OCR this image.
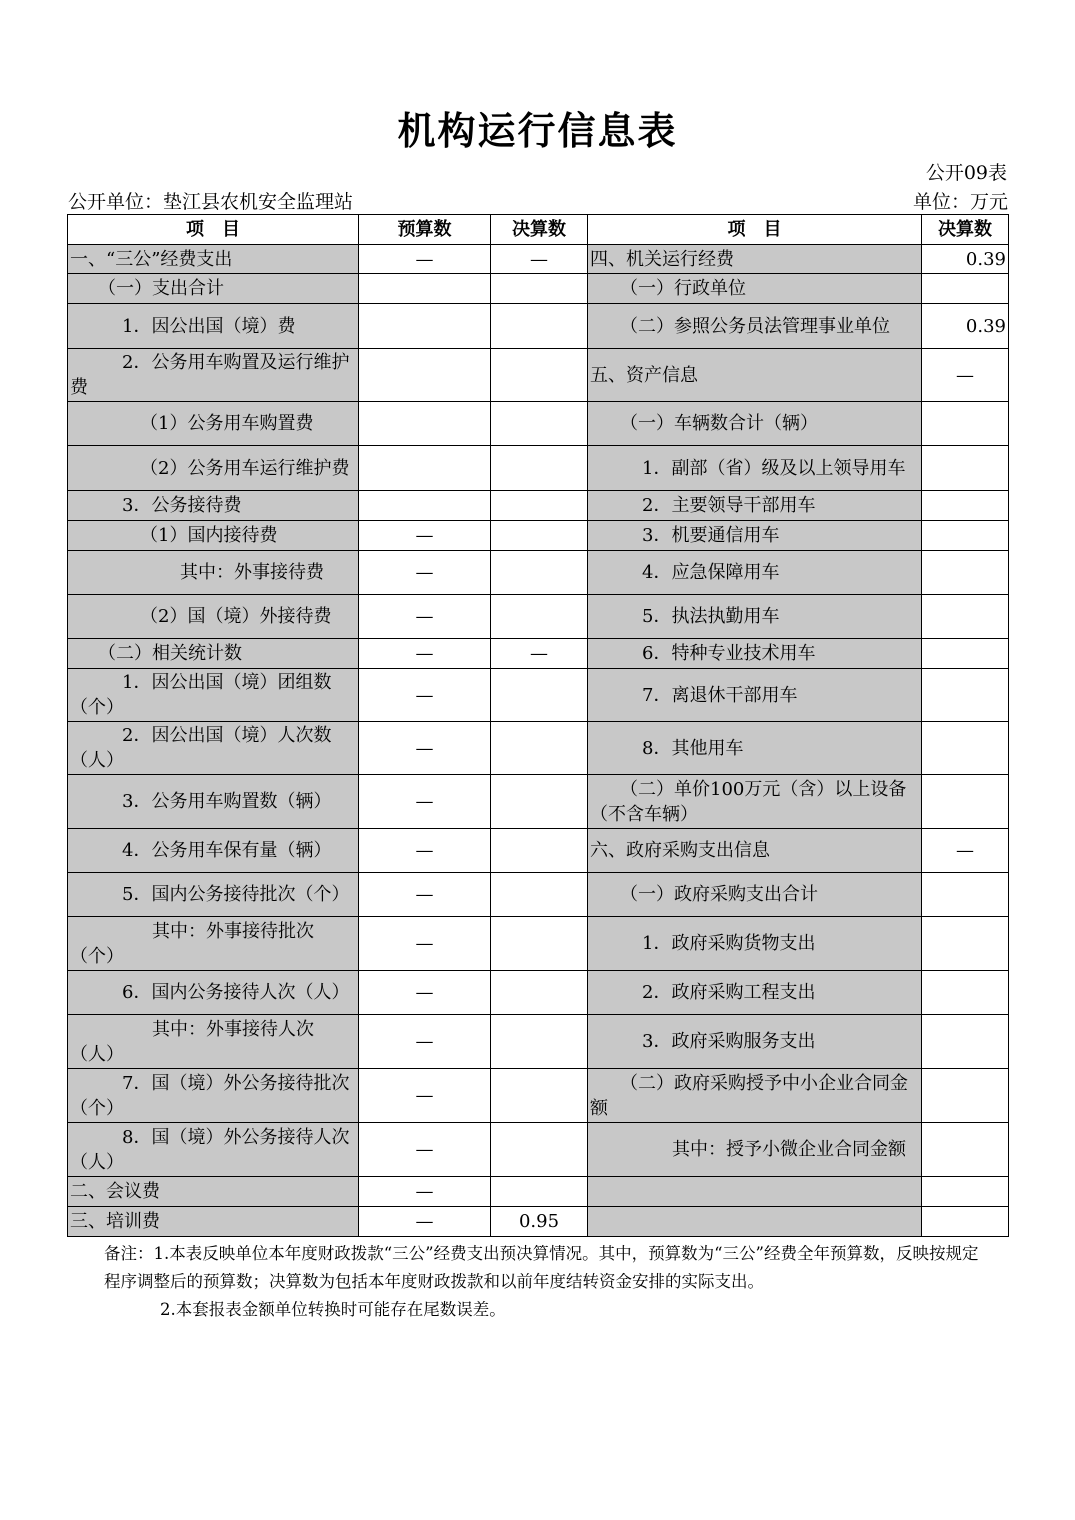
机构运行信息表
公开09表
公开单位：垫江县农机安全监理站	单位：万元
项　目	预算数	决算数	项　目	决算数
一、“三公”经费支出	—	—	四、机关运行经费	0.39
（一）支出合计			（一）行政单位	
1．因公出国（境）费			（二）参照公务员法管理事业单位	0.39
2．公务用车购置及运行维护费			五、资产信息	—
（1）公务用车购置费			（一）车辆数合计（辆）	
（2）公务用车运行维护费			1．副部（省）级及以上领导用车	
3．公务接待费			2．主要领导干部用车	
（1）国内接待费	—		3．机要通信用车	
其中：外事接待费	—		4．应急保障用车	
（2）国（境）外接待费	—		5．执法执勤用车	
（二）相关统计数	—	—	6．特种专业技术用车	
1．因公出国（境）团组数（个）	—		7．离退休干部用车	
2．因公出国（境）人次数（人）	—		8．其他用车	
3．公务用车购置数（辆）	—		（二）单价100万元（含）以上设备（不含车辆）	
4．公务用车保有量（辆）	—		六、政府采购支出信息	—
5．国内公务接待批次（个）	—		（一）政府采购支出合计	
其中：外事接待批次（个）	—		1．政府采购货物支出	
6．国内公务接待人次（人）	—		2．政府采购工程支出	
其中：外事接待人次（人）	—		3．政府采购服务支出	
7．国（境）外公务接待批次（个）	—		（二）政府采购授予中小企业合同金额	
8．国（境）外公务接待人次（人）	—		其中：授予小微企业合同金额	
二、会议费	—			
三、培训费	—	0.95		
备注：1.本表反映单位本年度财政拨款“三公”经费支出预决算情况。其中，预算数为“三公”经费全年预算数，反映按规定程序调整后的预算数；决算数为包括本年度财政拨款和以前年度结转资金安排的实际支出。
2.本套报表金额单位转换时可能存在尾数误差。
